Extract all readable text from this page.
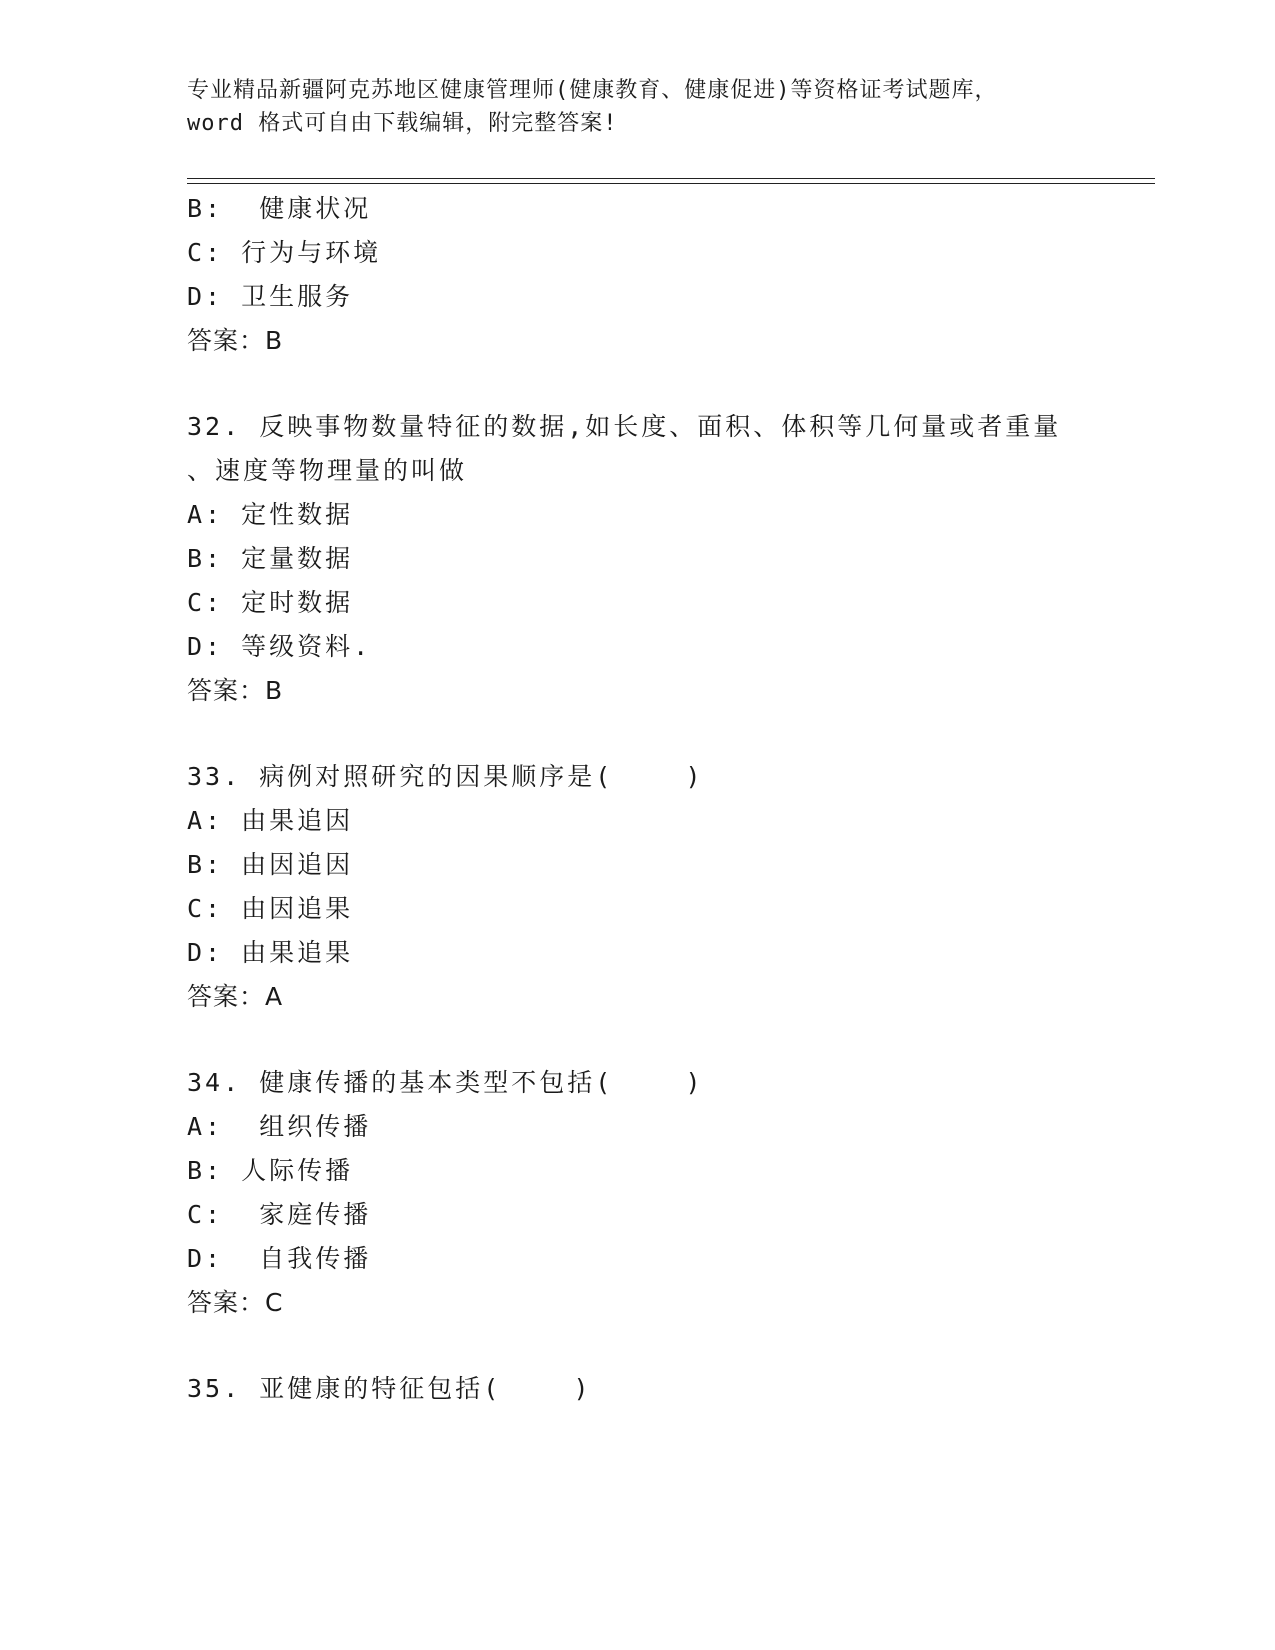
专业精品新疆阿克苏地区健康管理师(健康教育、健康促进)等资格证考试题库，
word 格式可自由下载编辑，附完整答案!
B:  健康状况
C: 行为与环境
D: 卫生服务
答案：B
32. 反映事物数量特征的数据,如长度、面积、体积等几何量或者重量
、速度等物理量的叫做
A: 定性数据
B: 定量数据
C: 定时数据
D: 等级资料.
答案：B
33. 病例对照研究的因果顺序是(    )
A: 由果追因
B: 由因追因
C: 由因追果
D: 由果追果
答案：A
34. 健康传播的基本类型不包括(    )
A:  组织传播
B: 人际传播
C:  家庭传播
D:  自我传播
答案：C
35. 亚健康的特征包括(    )
